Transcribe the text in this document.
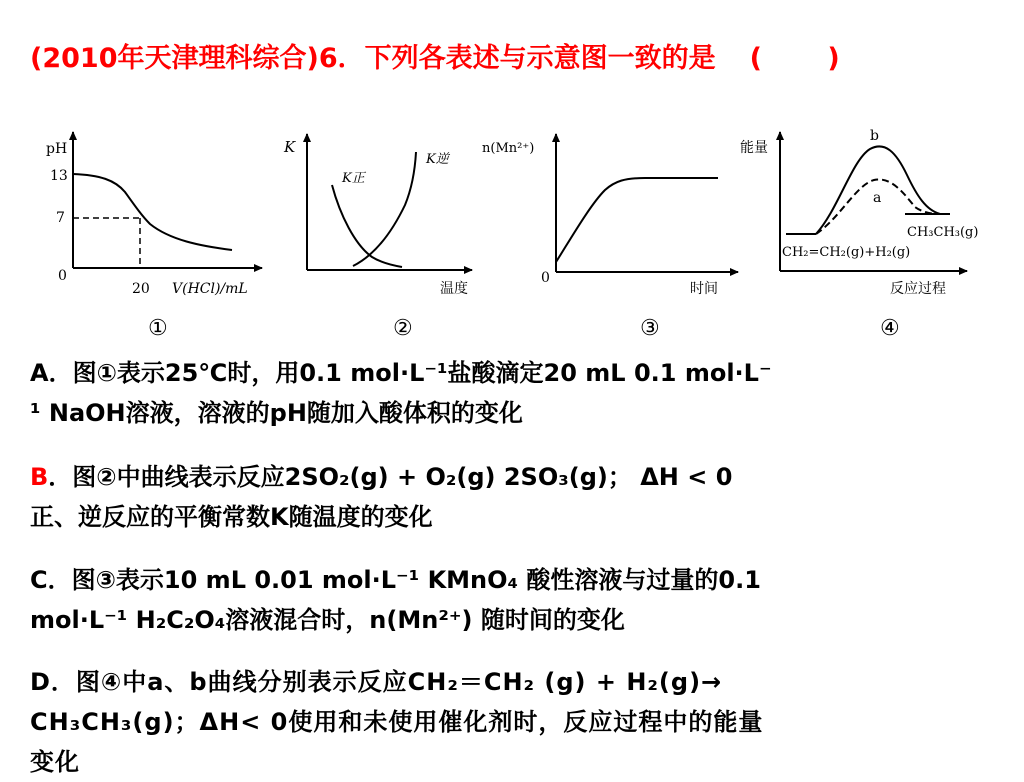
(2010年天津理科综合)6．下列各表述与示意图一致的是 ( )
pH
13
7
0
20 V(HCl)/mL
①
K
K正
K逆
温度
②
n(Mn²⁺)
0
时间
③
能量
b
a
CH₃CH₃(g)
CH₂=CH₂(g)+H₂(g)
反应过程
④
A．图①表示25℃时，用0.1 mol·L⁻¹盐酸滴定20 mL 0.1 mol·L⁻
¹ NaOH溶液，溶液的pH随加入酸体积的变化
B．图②中曲线表示反应2SO₂(g) + O₂(g) 2SO₃(g)； ΔH < 0
正、逆反应的平衡常数K随温度的变化
C．图③表示10 mL 0.01 mol·L⁻¹ KMnO₄ 酸性溶液与过量的0.1
mol·L⁻¹ H₂C₂O₄溶液混合时，n(Mn²⁺) 随时间的变化
D．图④中a、b曲线分别表示反应CH₂＝CH₂ (g) + H₂(g)→
CH₃CH₃(g)；ΔH< 0使用和未使用催化剂时，反应过程中的能量
变化
